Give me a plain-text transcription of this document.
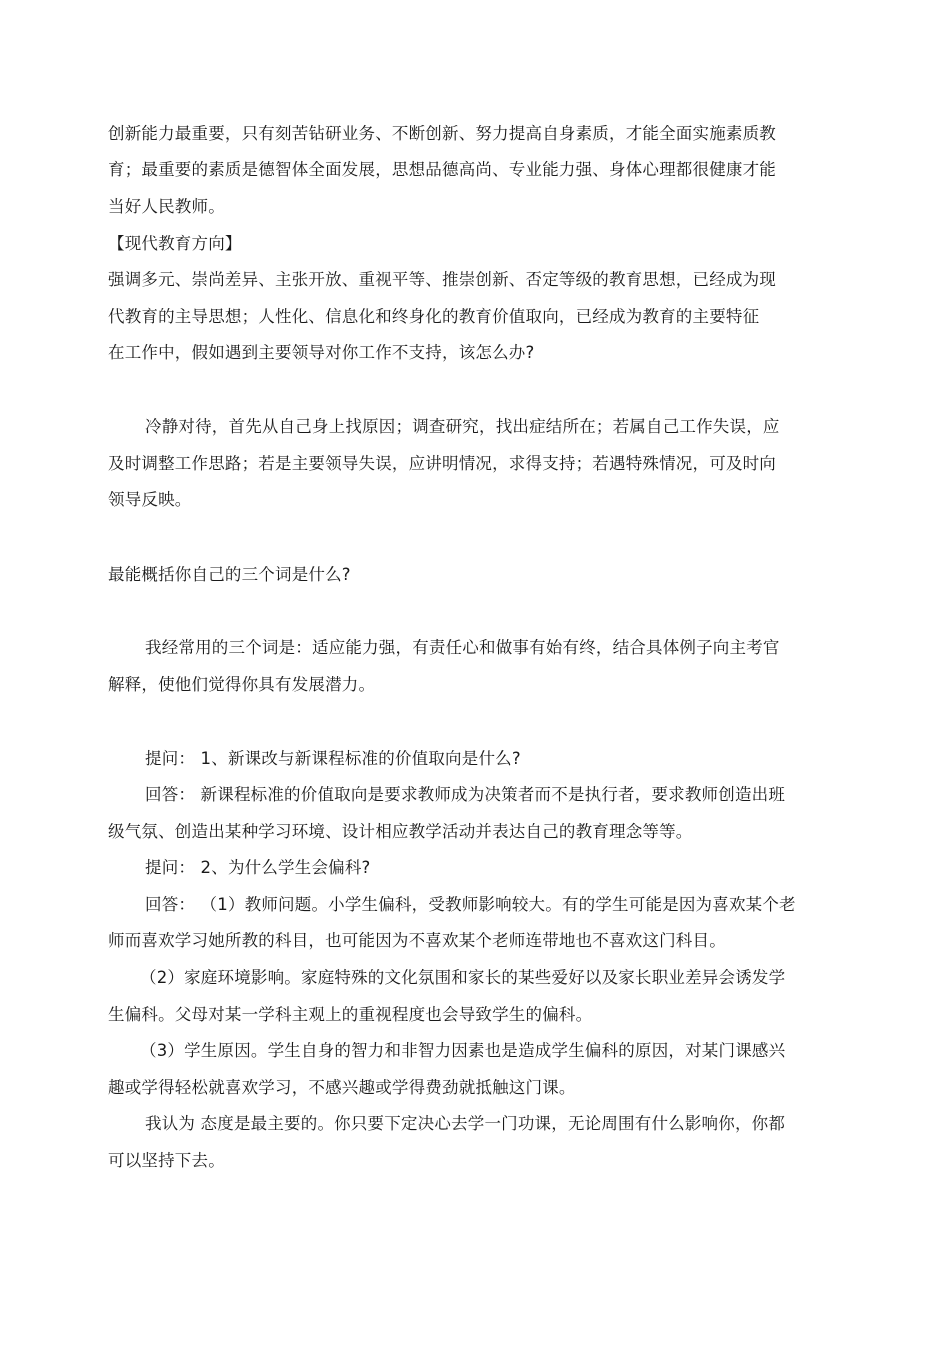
创新能力最重要，只有刻苦钻研业务、不断创新、努力提高自身素质，才能全面实施素质教
育；最重要的素质是德智体全面发展，思想品德高尚、专业能力强、身体心理都很健康才能
当好人民教师。
【现代教育方向】
强调多元、崇尚差异、主张开放、重视平等、推崇创新、否定等级的教育思想，已经成为现
代教育的主导思想；人性化、信息化和终身化的教育价值取向，已经成为教育的主要特征
在工作中，假如遇到主要领导对你工作不支持，该怎么办?
冷静对待，首先从自己身上找原因；调查研究，找出症结所在；若属自己工作失误，应
及时调整工作思路；若是主要领导失误，应讲明情况，求得支持；若遇特殊情况，可及时向
领导反映。
最能概括你自己的三个词是什么?
我经常用的三个词是：适应能力强，有责任心和做事有始有终，结合具体例子向主考官
解释，使他们觉得你具有发展潜力。
提问： 1、新课改与新课程标准的价值取向是什么?
回答： 新课程标准的价值取向是要求教师成为决策者而不是执行者，要求教师创造出班
级气氛、创造出某种学习环境、设计相应教学活动并表达自己的教育理念等等。
提问： 2、为什么学生会偏科?
回答： （1）教师问题。小学生偏科，受教师影响较大。有的学生可能是因为喜欢某个老
师而喜欢学习她所教的科目，也可能因为不喜欢某个老师连带地也不喜欢这门科目。
（2）家庭环境影响。家庭特殊的文化氛围和家长的某些爱好以及家长职业差异会诱发学
生偏科。父母对某一学科主观上的重视程度也会导致学生的偏科。
（3）学生原因。学生自身的智力和非智力因素也是造成学生偏科的原因，对某门课感兴
趣或学得轻松就喜欢学习，不感兴趣或学得费劲就抵触这门课。
我认为 态度是最主要的。你只要下定决心去学一门功课，无论周围有什么影响你，你都
可以坚持下去。
